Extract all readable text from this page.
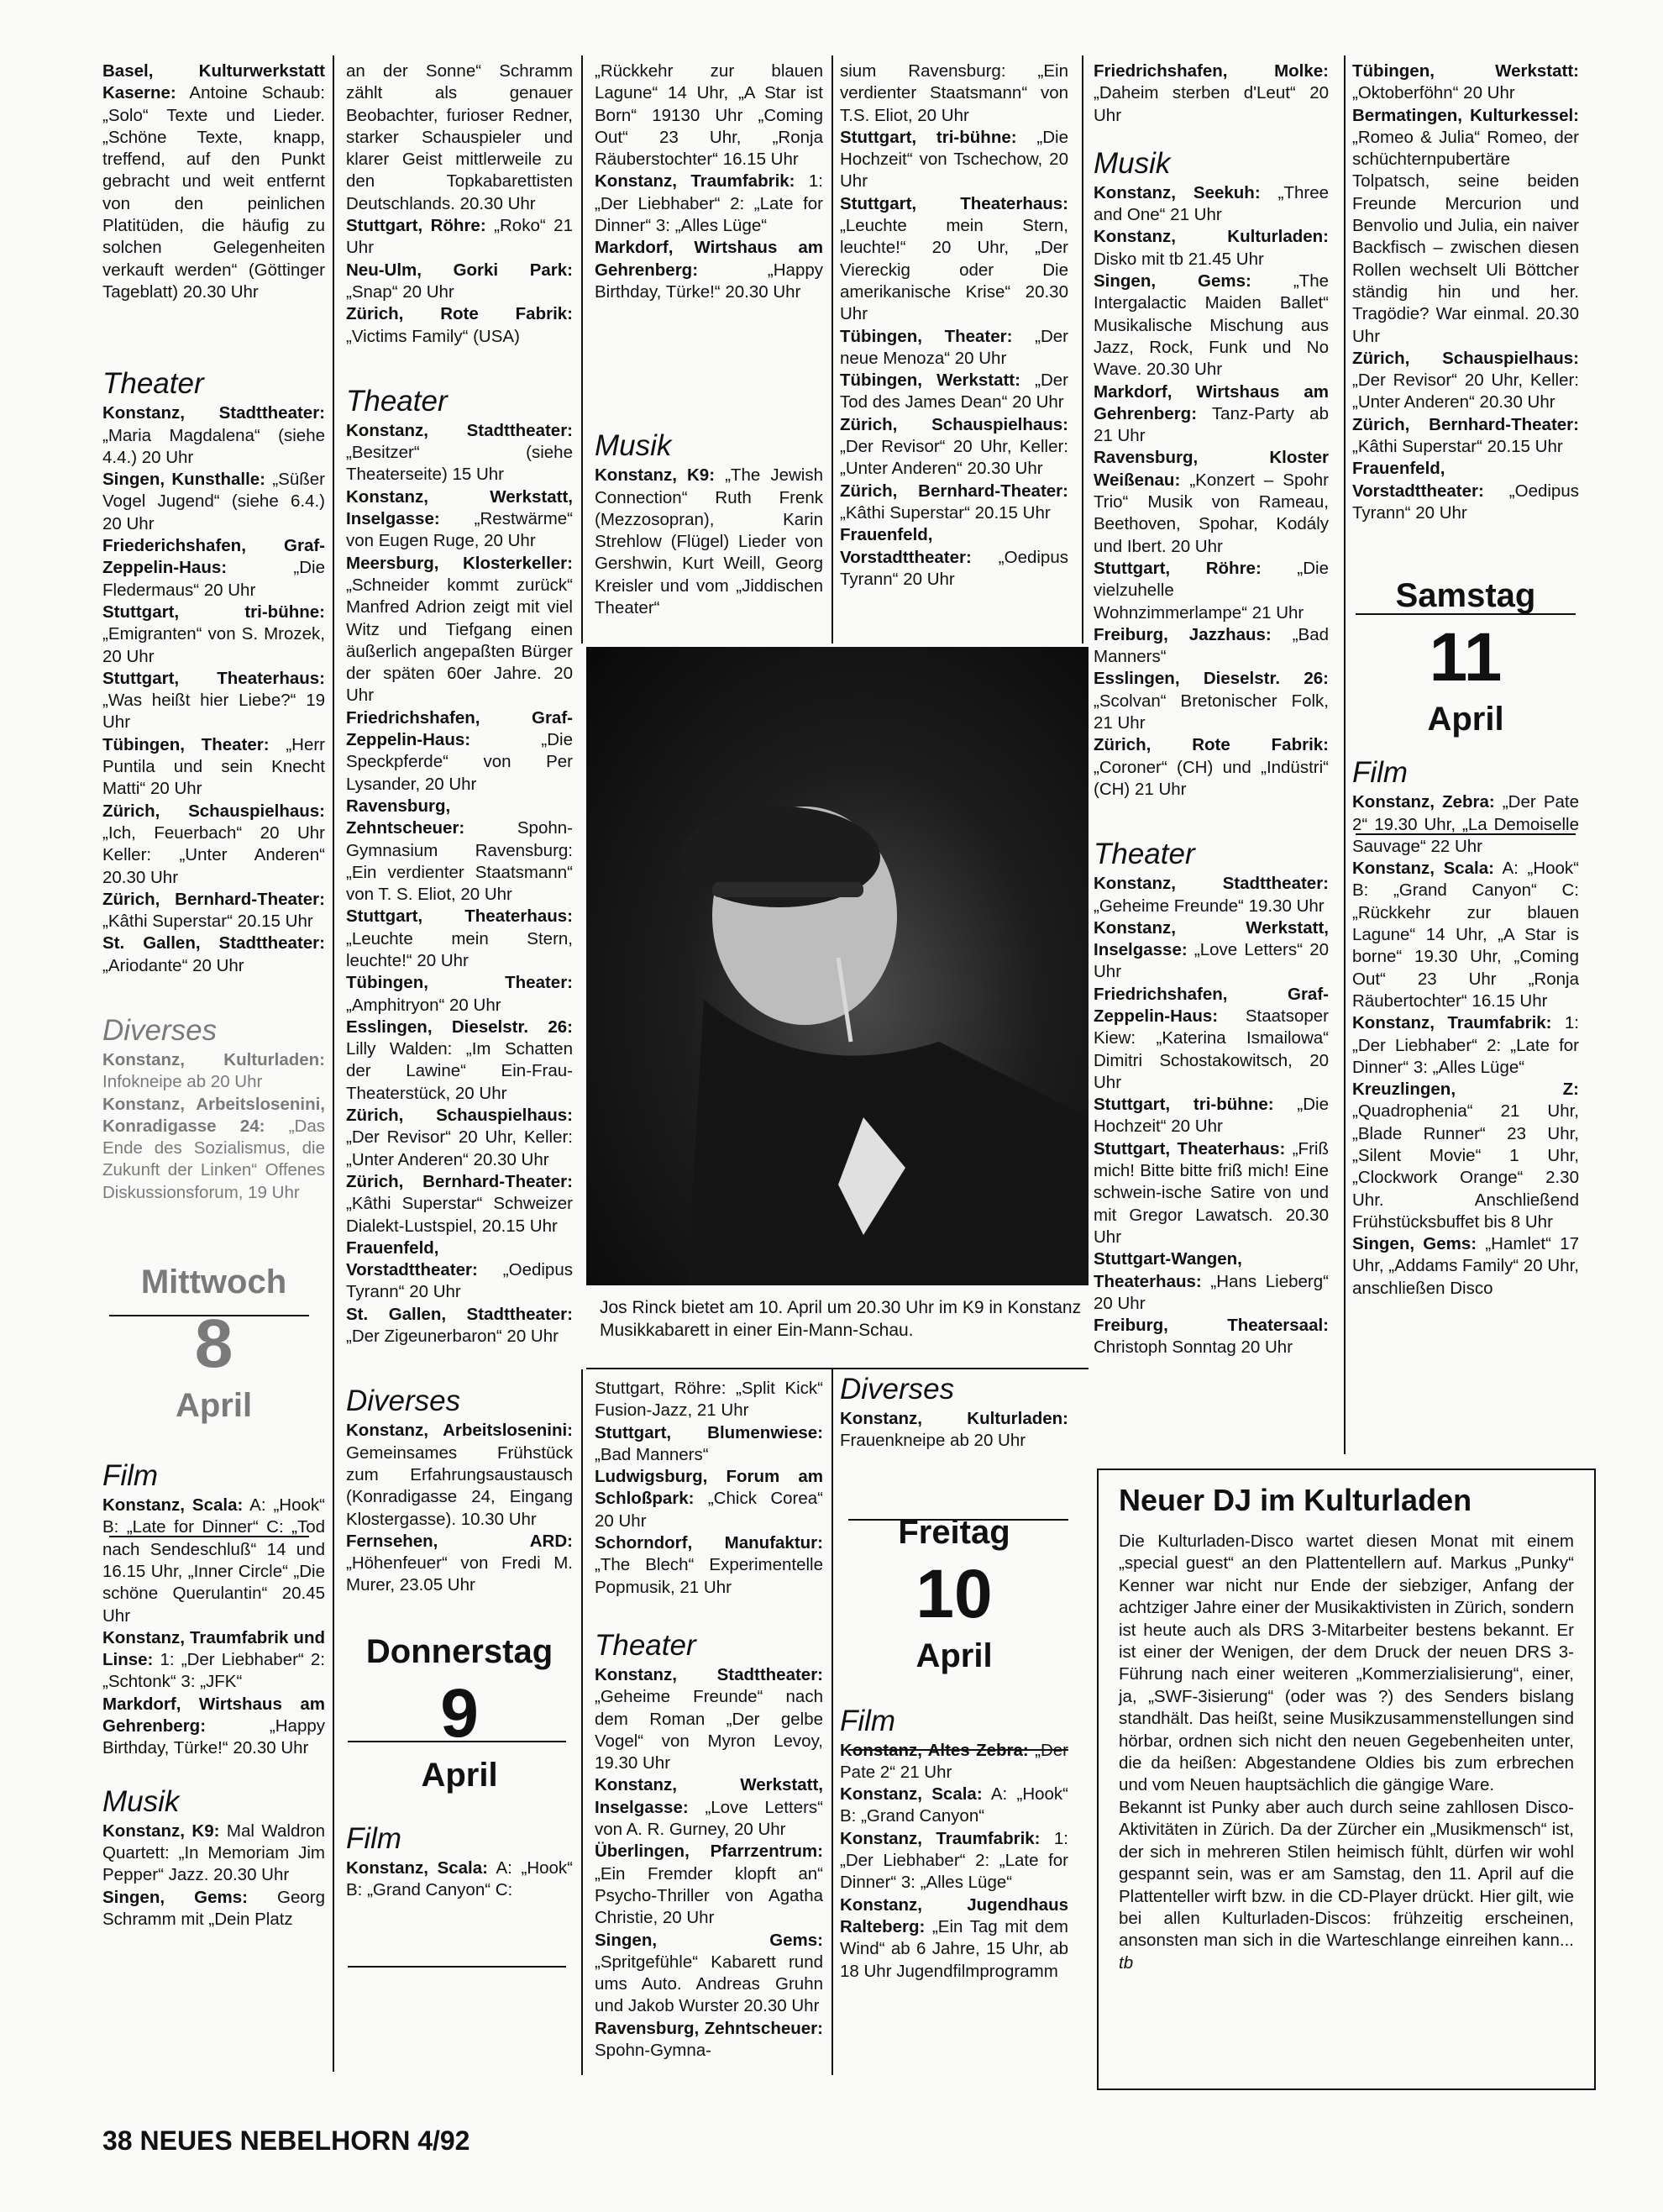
Basel, Kulturwerkstatt Kaserne: Antoine Schaub: „Solo“ Texte und Lieder. „Schöne Texte, knapp, treffend, auf den Punkt gebracht und weit entfernt von den peinlichen Platitüden, die häufig zu solchen Gelegenheiten verkauft werden“ (Göttinger Tageblatt) 20.30 Uhr

Theater

Konstanz, Stadttheater: „Maria Magdalena“ (siehe 4.4.) 20 Uhr

Singen, Kunsthalle: „Süßer Vogel Jugend“ (siehe 6.4.) 20 Uhr

Friederichshafen, Graf-Zeppelin-Haus: „Die Fledermaus“ 20 Uhr

Stuttgart, tri-bühne: „Emigranten“ von S. Mrozek, 20 Uhr

Stuttgart, Theaterhaus: „Was heißt hier Liebe?“ 19 Uhr

Tübingen, Theater: „Herr Puntila und sein Knecht Matti“ 20 Uhr

Zürich, Schauspielhaus: „Ich, Feuerbach“ 20 Uhr Keller: „Unter Anderen“ 20.30 Uhr

Zürich, Bernhard-Theater: „Kâthi Superstar“ 20.15 Uhr

St. Gallen, Stadttheater: „Ariodante“ 20 Uhr

Diverses

Konstanz, Kulturladen: Infokneipe ab 20 Uhr

Konstanz, Arbeitslosenini, Konradigasse 24: „Das Ende des Sozialismus, die Zukunft der Linken“ Offenes Diskussionsforum, 19 Uhr

Mittwoch
8
April
Film

Konstanz, Scala: A: „Hook“ B: „Late for Dinner“ C: „Tod nach Sendeschluß“ 14 und 16.15 Uhr, „Inner Circle“ „Die schöne Querulantin“ 20.45 Uhr

Konstanz, Traumfabrik und Linse: 1: „Der Liebhaber“ 2: „Schtonk“ 3: „JFK“

Markdorf, Wirtshaus am Gehrenberg: „Happy Birthday, Türke!“ 20.30 Uhr

Musik

Konstanz, K9: Mal Waldron Quartett: „In Memoriam Jim Pepper“ Jazz. 20.30 Uhr

Singen, Gems: Georg Schramm mit „Dein Platz

an der Sonne“ Schramm zählt als genauer Beobachter, furioser Redner, starker Schauspieler und klarer Geist mittlerweile zu den Topkabarettisten Deutschlands. 20.30 Uhr

Stuttgart, Röhre: „Roko“ 21 Uhr

Neu-Ulm, Gorki Park: „Snap“ 20 Uhr

Zürich, Rote Fabrik: „Victims Family“ (USA)

Theater

Konstanz, Stadttheater: „Besitzer“ (siehe Theaterseite) 15 Uhr

Konstanz, Werkstatt, Inselgasse: „Restwärme“ von Eugen Ruge, 20 Uhr

Meersburg, Klosterkeller: „Schneider kommt zurück“ Manfred Adrion zeigt mit viel Witz und Tiefgang einen äußerlich angepaßten Bürger der späten 60er Jahre. 20 Uhr

Friedrichshafen, Graf-Zeppelin-Haus: „Die Speckpferde“ von Per Lysander, 20 Uhr

Ravensburg, Zehntscheuer: Spohn-Gymnasium Ravensburg: „Ein verdienter Staatsmann“ von T. S. Eliot, 20 Uhr

Stuttgart, Theaterhaus: „Leuchte mein Stern, leuchte!“ 20 Uhr

Tübingen, Theater: „Amphitryon“ 20 Uhr

Esslingen, Dieselstr. 26: Lilly Walden: „Im Schatten der Lawine“ Ein-Frau-Theaterstück, 20 Uhr

Zürich, Schauspielhaus: „Der Revisor“ 20 Uhr, Keller: „Unter Anderen“ 20.30 Uhr

Zürich, Bernhard-Theater: „Kâthi Superstar“ Schweizer Dialekt-Lustspiel, 20.15 Uhr

Frauenfeld, Vorstadttheater: „Oedipus Tyrann“ 20 Uhr

St. Gallen, Stadttheater: „Der Zigeunerbaron“ 20 Uhr

Diverses

Konstanz, Arbeitslosenini: Gemeinsames Frühstück zum Erfahrungsaustausch (Konradigasse 24, Eingang Klostergasse). 10.30 Uhr

Fernsehen, ARD: „Höhenfeuer“ von Fredi M. Murer, 23.05 Uhr

Donnerstag
9
April
Film

Konstanz, Scala: A: „Hook“ B: „Grand Canyon“ C:

„Rückkehr zur blauen Lagune“ 14 Uhr, „A Star ist Born“ 19130 Uhr „Coming Out“ 23 Uhr, „Ronja Räuberstochter“ 16.15 Uhr

Konstanz, Traumfabrik: 1: „Der Liebhaber“ 2: „Late for Dinner“ 3: „Alles Lüge“

Markdorf, Wirtshaus am Gehrenberg: „Happy Birthday, Türke!“ 20.30 Uhr

Musik

Konstanz, K9: „The Jewish Connection“ Ruth Frenk (Mezzosopran), Karin Strehlow (Flügel) Lieder von Gershwin, Kurt Weill, Georg Kreisler und vom „Jiddischen Theater“

Jos Rinck bietet am 10. April um 20.30 Uhr im K9 in Konstanz Musikkabarett in einer Ein-Mann-Schau.

Stuttgart, Röhre: „Split Kick“ Fusion-Jazz, 21 Uhr

Stuttgart, Blumenwiese: „Bad Manners“

Ludwigsburg, Forum am Schloßpark: „Chick Corea“ 20 Uhr

Schorndorf, Manufaktur: „The Blech“ Experimentelle Popmusik, 21 Uhr

Theater

Konstanz, Stadttheater: „Geheime Freunde“ nach dem Roman „Der gelbe Vogel“ von Myron Levoy, 19.30 Uhr

Konstanz, Werkstatt, Inselgasse: „Love Letters“ von A. R. Gurney, 20 Uhr

Überlingen, Pfarrzentrum: „Ein Fremder klopft an“ Psycho-Thriller von Agatha Christie, 20 Uhr

Singen, Gems: „Spritgefühle“ Kabarett rund ums Auto. Andreas Gruhn und Jakob Wurster 20.30 Uhr

Ravensburg, Zehntscheuer: Spohn-Gymna-

sium Ravensburg: „Ein verdienter Staatsmann“ von T.S. Eliot, 20 Uhr

Stuttgart, tri-bühne: „Die Hochzeit“ von Tschechow, 20 Uhr

Stuttgart, Theaterhaus: „Leuchte mein Stern, leuchte!“ 20 Uhr, „Der Viereckig oder Die amerikanische Krise“ 20.30 Uhr

Tübingen, Theater: „Der neue Menoza“ 20 Uhr

Tübingen, Werkstatt: „Der Tod des James Dean“ 20 Uhr

Zürich, Schauspielhaus: „Der Revisor“ 20 Uhr, Keller: „Unter Anderen“ 20.30 Uhr

Zürich, Bernhard-Theater: „Kâthi Superstar“ 20.15 Uhr

Frauenfeld, Vorstadttheater: „Oedipus Tyrann“ 20 Uhr

Diverses

Konstanz, Kulturladen: Frauenkneipe ab 20 Uhr

Freitag
10
April
Film

Konstanz, Altes Zebra: „Der Pate 2“ 21 Uhr

Konstanz, Scala: A: „Hook“ B: „Grand Canyon“

Konstanz, Traumfabrik: 1: „Der Liebhaber“ 2: „Late for Dinner“ 3: „Alles Lüge“

Konstanz, Jugendhaus Ralteberg: „Ein Tag mit dem Wind“ ab 6 Jahre, 15 Uhr, ab 18 Uhr Jugendfilmprogramm

Friedrichshafen, Molke: „Daheim sterben d'Leut“ 20 Uhr

Musik

Konstanz, Seekuh: „Three and One“ 21 Uhr

Konstanz, Kulturladen: Disko mit tb 21.45 Uhr

Singen, Gems: „The Intergalactic Maiden Ballet“ Musikalische Mischung aus Jazz, Rock, Funk und No Wave. 20.30 Uhr

Markdorf, Wirtshaus am Gehrenberg: Tanz-Party ab 21 Uhr

Ravensburg, Kloster Weißenau: „Konzert – Spohr Trio“ Musik von Rameau, Beethoven, Spohar, Kodály und Ibert. 20 Uhr

Stuttgart, Röhre: „Die vielzuhelle Wohnzimmerlampe“ 21 Uhr

Freiburg, Jazzhaus: „Bad Manners“

Esslingen, Dieselstr. 26: „Scolvan“ Bretonischer Folk, 21 Uhr

Zürich, Rote Fabrik: „Coroner“ (CH) und „Indüstri“ (CH) 21 Uhr

Theater

Konstanz, Stadttheater: „Geheime Freunde“ 19.30 Uhr

Konstanz, Werkstatt, Inselgasse: „Love Letters“ 20 Uhr

Friedrichshafen, Graf-Zeppelin-Haus: Staatsoper Kiew: „Katerina Ismailowa“ Dimitri Schostakowitsch, 20 Uhr

Stuttgart, tri-bühne: „Die Hochzeit“ 20 Uhr

Stuttgart, Theaterhaus: „Friß mich! Bitte bitte friß mich! Eine schwein-ische Satire von und mit Gregor Lawatsch. 20.30 Uhr

Stuttgart-Wangen, Theaterhaus: „Hans Lieberg“ 20 Uhr

Freiburg, Theatersaal: Christoph Sonntag 20 Uhr

Tübingen, Werkstatt: „Oktoberföhn“ 20 Uhr

Bermatingen, Kulturkessel: „Romeo & Julia“ Romeo, der schüchternpubertäre Tolpatsch, seine beiden Freunde Mercurion und Benvolio und Julia, ein naiver Backfisch – zwischen diesen Rollen wechselt Uli Böttcher ständig hin und her. Tragödie? War einmal. 20.30 Uhr

Zürich, Schauspielhaus: „Der Revisor“ 20 Uhr, Keller: „Unter Anderen“ 20.30 Uhr

Zürich, Bernhard-Theater: „Kâthi Superstar“ 20.15 Uhr

Frauenfeld, Vorstadttheater: „Oedipus Tyrann“ 20 Uhr

Samstag
11
April
Film

Konstanz, Zebra: „Der Pate 2“ 19.30 Uhr, „La Demoiselle Sauvage“ 22 Uhr

Konstanz, Scala: A: „Hook“ B: „Grand Canyon“ C: „Rückkehr zur blauen Lagune“ 14 Uhr, „A Star is borne“ 19.30 Uhr, „Coming Out“ 23 Uhr „Ronja Räubertochter“ 16.15 Uhr

Konstanz, Traumfabrik: 1: „Der Liebhaber“ 2: „Late for Dinner“ 3: „Alles Lüge“

Kreuzlingen, Z: „Quadrophenia“ 21 Uhr, „Blade Runner“ 23 Uhr, „Silent Movie“ 1 Uhr, „Clockwork Orange“ 2.30 Uhr. Anschließend Frühstücksbuffet bis 8 Uhr

Singen, Gems: „Hamlet“ 17 Uhr, „Addams Family“ 20 Uhr, anschließen Disco

Neuer DJ im Kulturladen

Die Kulturladen-Disco wartet diesen Monat mit einem „special guest“ an den Plattentellern auf. Markus „Punky“ Kenner war nicht nur Ende der siebziger, Anfang der achtziger Jahre einer der Musikaktivisten in Zürich, sondern ist heute auch als DRS 3-Mitarbeiter bestens bekannt. Er ist einer der Wenigen, der dem Druck der neuen DRS 3-Führung nach einer weiteren „Kommerzialisierung“, einer, ja, „SWF-3isierung“ (oder was ?) des Senders bislang standhält. Das heißt, seine Musikzusammenstellungen sind hörbar, ordnen sich nicht den neuen Gegebenheiten unter, die da heißen: Abgestandene Oldies bis zum erbrechen und vom Neuen hauptsächlich die gängige Ware.

Bekannt ist Punky aber auch durch seine zahllosen Disco-Aktivitäten in Zürich. Da der Zürcher ein „Musikmensch“ ist, der sich in mehreren Stilen heimisch fühlt, dürfen wir wohl gespannt sein, was er am Samstag, den 11. April auf die Plattenteller wirft bzw. in die CD-Player drückt. Hier gilt, wie bei allen Kulturladen-Discos: frühzeitig erscheinen, ansonsten man sich in die Warteschlange einreihen kann... tb

38 NEUES NEBELHORN 4/92
